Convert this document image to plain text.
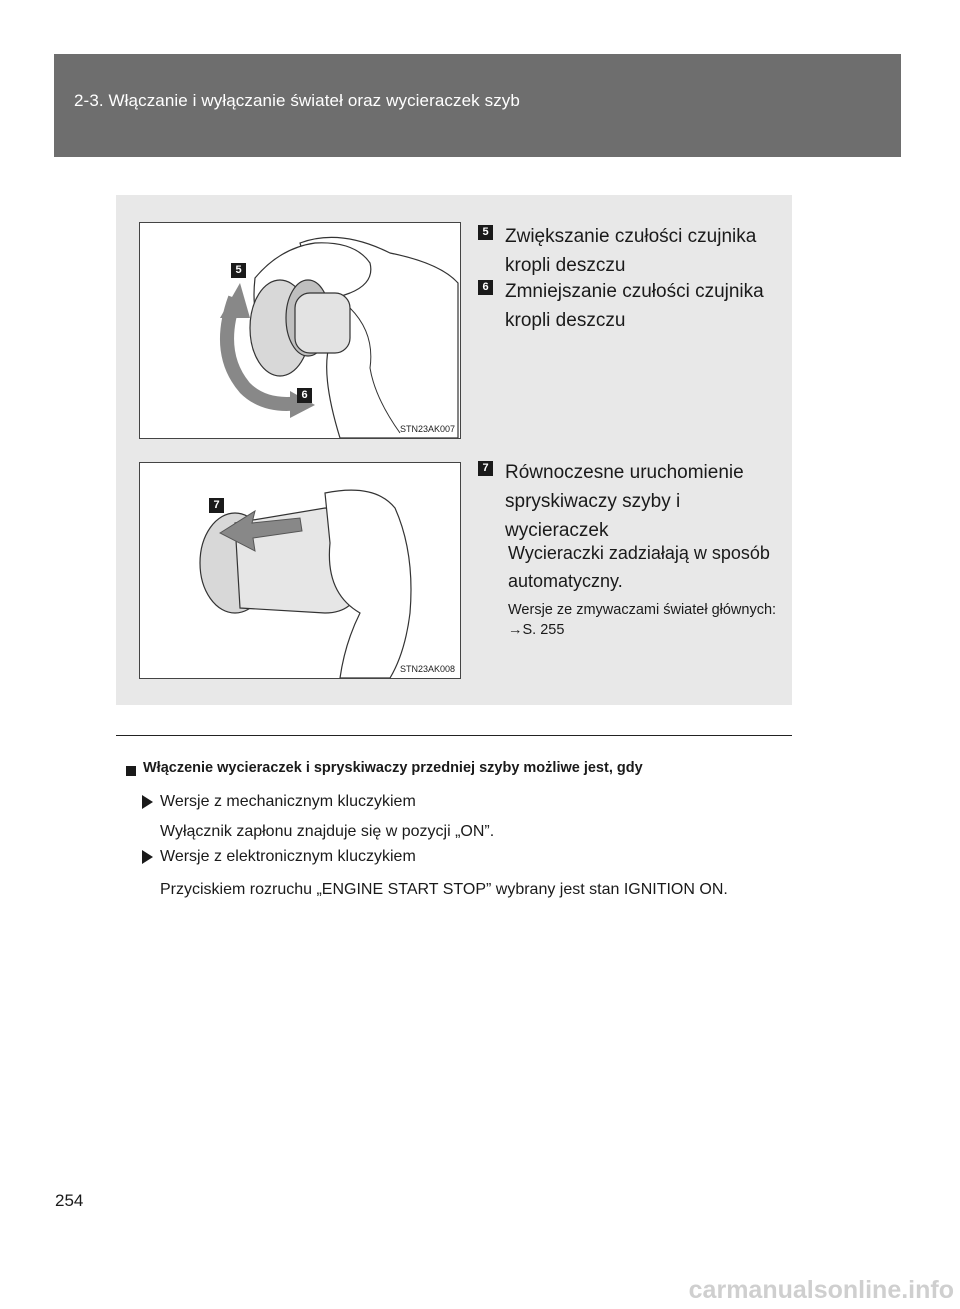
2-3. Włączanie i wyłączanie świateł oraz wycieraczek szyb
5
6
STN23AK007
5 Zwiększanie czułości czujnika kropli deszczu
6 Zmniejszanie czułości czujnika kropli deszczu
7
STN23AK008
7 Równoczesne uruchomienie spryskiwaczy szyby i wycieraczek
Wycieraczki zadziałają w sposób automatyczny.
Wersje ze zmywaczami świateł głównych: →S. 255
Włączenie wycieraczek i spryskiwaczy przedniej szyby możliwe jest, gdy
Wersje z mechanicznym kluczykiem
Wyłącznik zapłonu znajduje się w pozycji „ON”.
Wersje z elektronicznym kluczykiem
Przyciskiem rozruchu „ENGINE START STOP” wybrany jest stan IGNITION ON.
254
carmanualsonline.info
